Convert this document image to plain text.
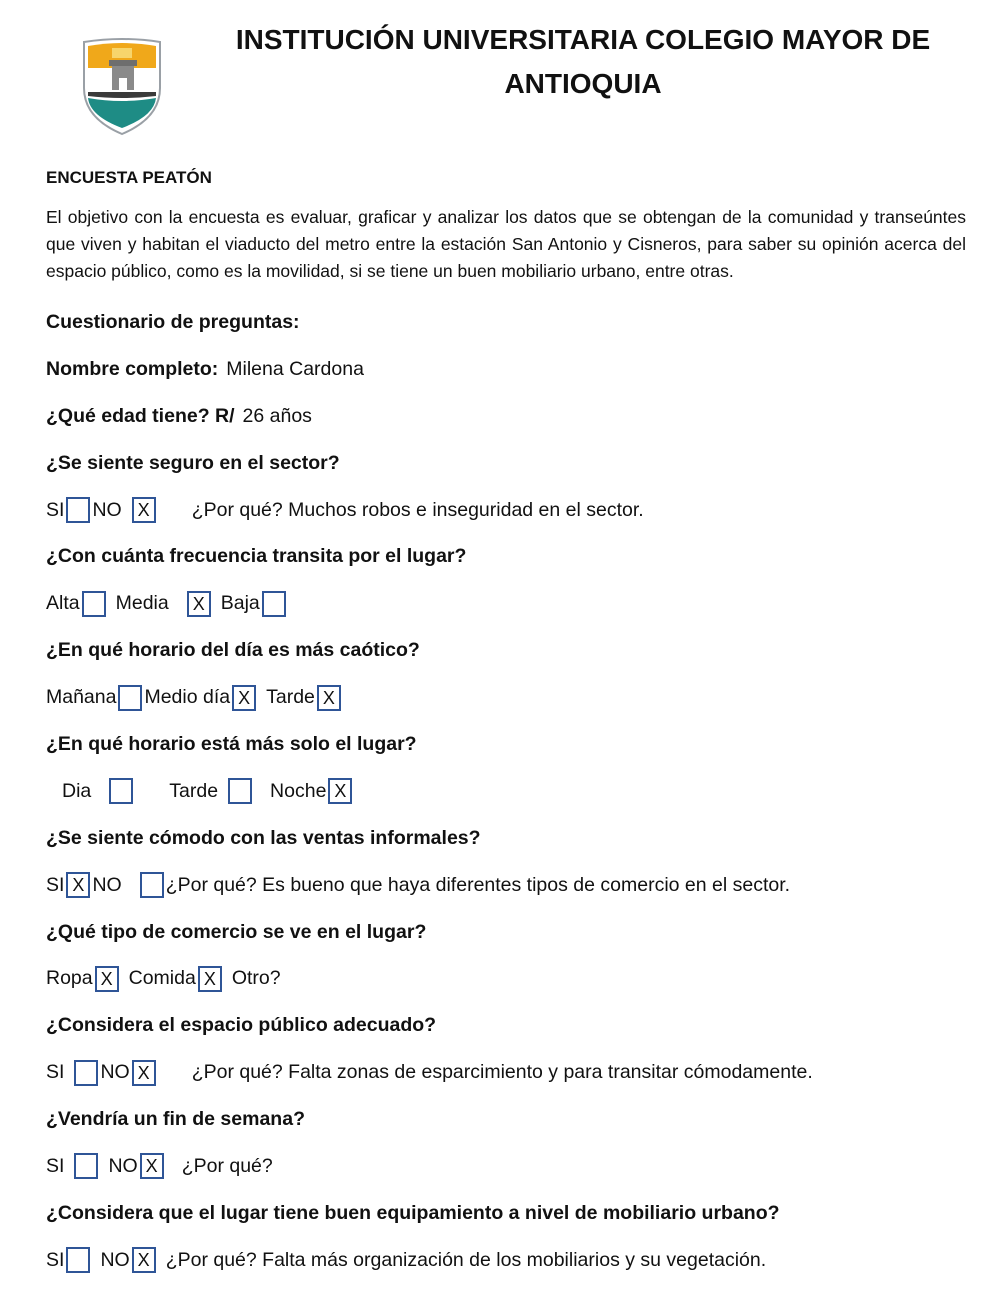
INSTITUCIÓN UNIVERSITARIA COLEGIO MAYOR DE ANTIOQUIA

ENCUESTA PEATÓN

El objetivo con la encuesta es evaluar, graficar y analizar los datos que se obtengan de la comunidad y transeúntes que viven y habitan el viaducto del metro entre la estación San Antonio y Cisneros, para saber su opinión acerca del espacio público, como es la movilidad, si se tiene un buen mobiliario urbano, entre otras.

Cuestionario de preguntas:
Nombre completo: Milena Cardona
¿Qué edad tiene? R/ 26 años
¿Se siente seguro en el sector?
SI NO X	¿Por qué? Muchos robos e inseguridad en el sector.
¿Con cuánta frecuencia transita por el lugar?
Alta Media	X Baja
¿En qué horario del día es más caótico?
Mañana Medio día X Tarde X
¿En qué horario está más solo el lugar?
Dia	Tarde	Noche X
¿Se siente cómodo con las ventas informales?
SI X NO ¿Por qué? Es bueno que haya diferentes tipos de comercio en el sector.
¿Qué tipo de comercio se ve en el lugar?
Ropa X Comida X Otro?
¿Considera el espacio público adecuado?
SI NO X	¿Por qué? Falta zonas de esparcimiento y para transitar cómodamente.
¿Vendría un fin de semana?
SI NO X	¿Por qué?
¿Considera que el lugar tiene buen equipamiento a nivel de mobiliario urbano?
SI NO X ¿Por qué? Falta más organización de los mobiliarios y su vegetación.
